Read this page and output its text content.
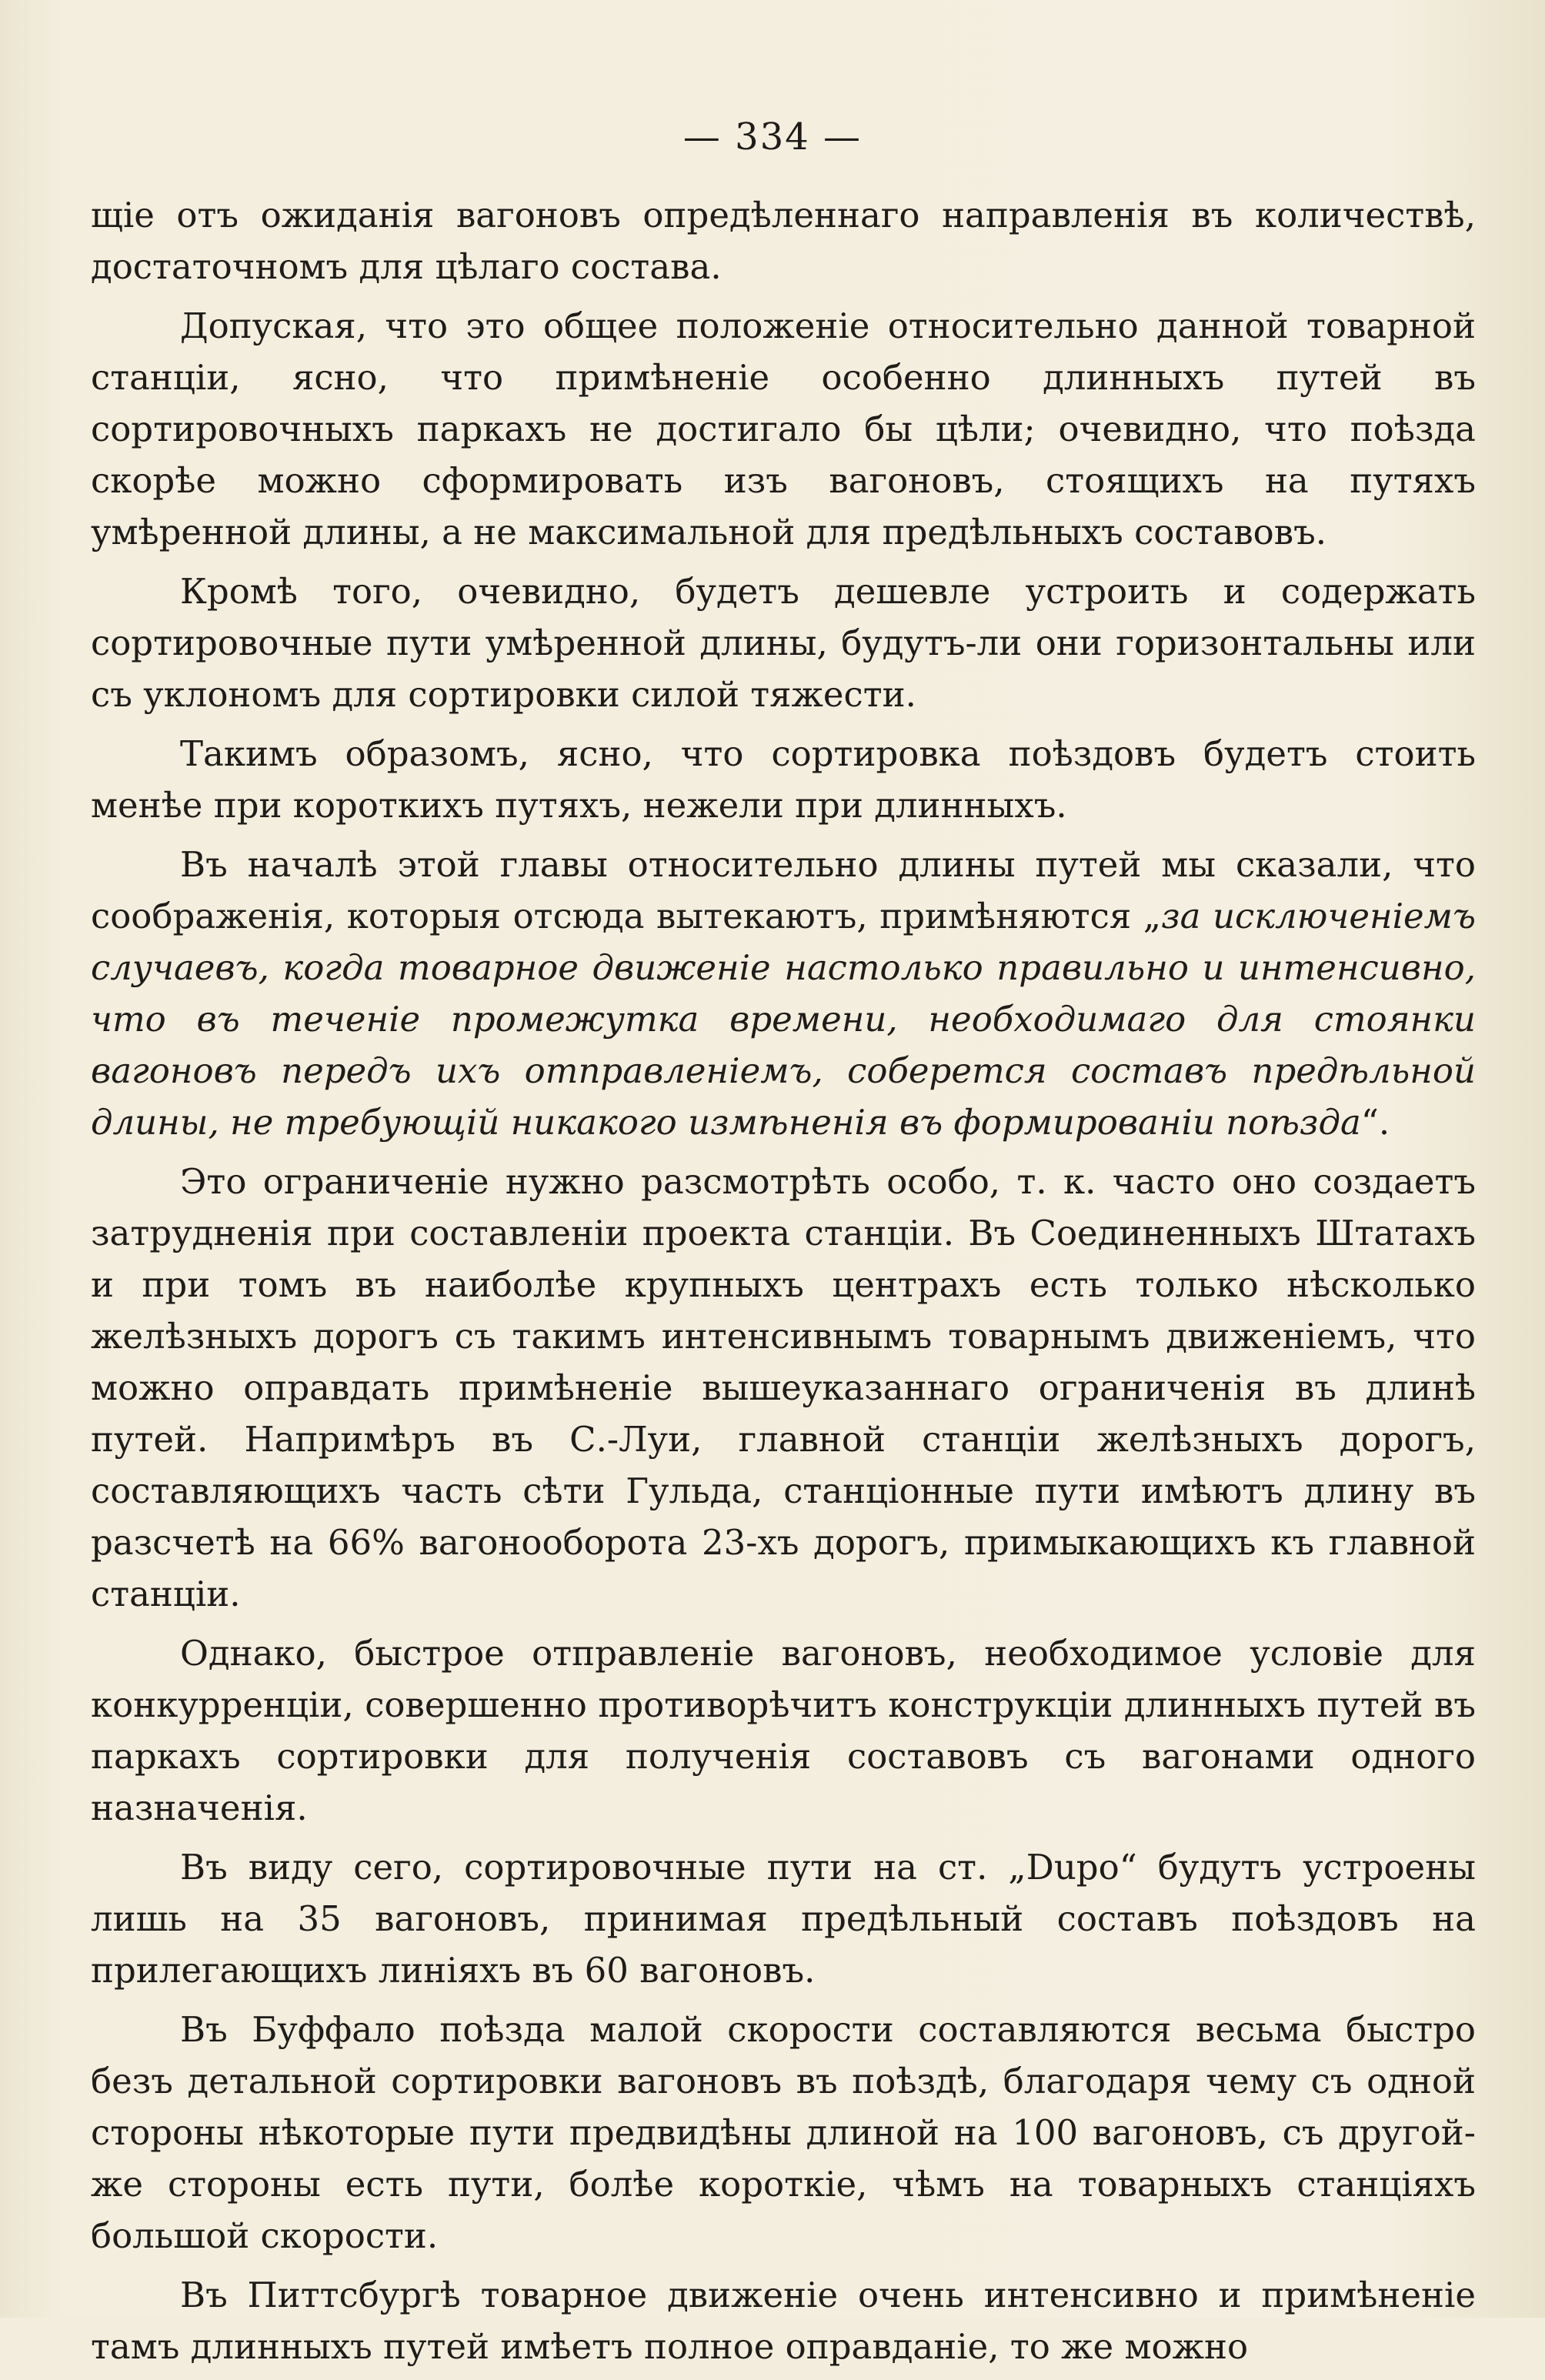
— 334 —

щіе отъ ожиданія вагоновъ опредѣленнаго направленія въ количествѣ, достаточномъ для цѣлаго состава.

Допуская, что это общее положеніе относительно данной товарной станціи, ясно, что примѣненіе особенно длинныхъ путей въ сортировочныхъ паркахъ не достигало бы цѣли; очевидно, что поѣзда скорѣе можно сформировать изъ вагоновъ, стоящихъ на путяхъ умѣренной длины, а не максимальной для предѣльныхъ составовъ.

Кромѣ того, очевидно, будетъ дешевле устроить и содержать сортировочные пути умѣренной длины, будутъ-ли они горизонтальны или съ уклономъ для сортировки силой тяжести.

Такимъ образомъ, ясно, что сортировка поѣздовъ будетъ стоить менѣе при короткихъ путяхъ, нежели при длинныхъ.

Въ началѣ этой главы относительно длины путей мы сказали, что соображенія, которыя отсюда вытекаютъ, примѣняются „за исключеніемъ случаевъ, когда товарное движеніе настолько правильно и интенсивно, что въ теченіе промежутка времени, необходимаго для стоянки вагоновъ передъ ихъ отправленіемъ, соберется составъ предѣльной длины, не требующій никакого измѣненія въ формированіи поѣзда“.

Это ограниченіе нужно разсмотрѣть особо, т. к. часто оно создаетъ затрудненія при составленіи проекта станціи. Въ Соединенныхъ Штатахъ и при томъ въ наиболѣе крупныхъ центрахъ есть только нѣсколько желѣзныхъ дорогъ съ такимъ интенсивнымъ товарнымъ движеніемъ, что можно оправдать примѣненіе вышеуказаннаго ограниченія въ длинѣ путей. Напримѣръ въ С.-Луи, главной станціи желѣзныхъ дорогъ, составляющихъ часть сѣти Гульда, станціонные пути имѣютъ длину въ разсчетѣ на 66% вагонооборота 23-хъ дорогъ, примыкающихъ къ главной станціи.

Однако, быстрое отправленіе вагоновъ, необходимое условіе для конкурренціи, совершенно противорѣчитъ конструкціи длинныхъ путей въ паркахъ сортировки для полученія составовъ съ вагонами одного назначенія.

Въ виду сего, сортировочные пути на ст. „Dupo“ будутъ устроены лишь на 35 вагоновъ, принимая предѣльный составъ поѣздовъ на прилегающихъ линіяхъ въ 60 вагоновъ.

Въ Буффало поѣзда малой скорости составляются весьма быстро безъ детальной сортировки вагоновъ въ поѣздѣ, благодаря чему съ одной стороны нѣкоторые пути предвидѣны длиной на 100 вагоновъ, съ другой-же стороны есть пути, болѣе короткіе, чѣмъ на товарныхъ станціяхъ большой скорости.

Въ Питтсбургѣ товарное движеніе очень интенсивно и примѣненіе тамъ длинныхъ путей имѣетъ полное оправданіе, то же можно
